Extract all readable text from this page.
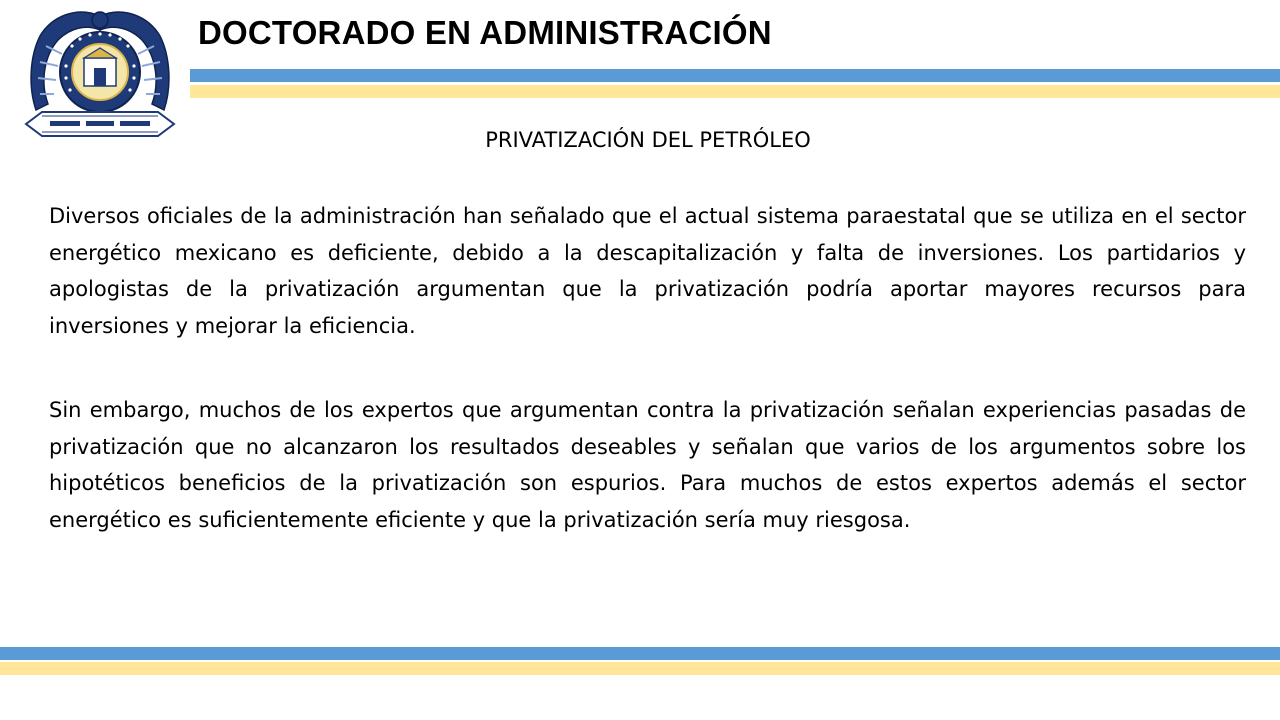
DOCTORADO EN ADMINISTRACIÓN
PRIVATIZACIÓN DEL PETRÓLEO

Diversos oficiales de la administración han señalado que el actual sistema paraestatal que se utiliza en el sector energético mexicano es deficiente, debido a la descapitalización y falta de inversiones. Los partidarios y apologistas de la privatización argumentan que la privatización podría aportar mayores recursos para inversiones y mejorar la eficiencia.

Sin embargo, muchos de los expertos que argumentan contra la privatización señalan experiencias pasadas de privatización que no alcanzaron los resultados deseables y señalan que varios de los argumentos sobre los hipotéticos beneficios de la privatización son espurios. Para muchos de estos expertos además el sector energético es suficientemente eficiente y que la privatización sería muy riesgosa.
